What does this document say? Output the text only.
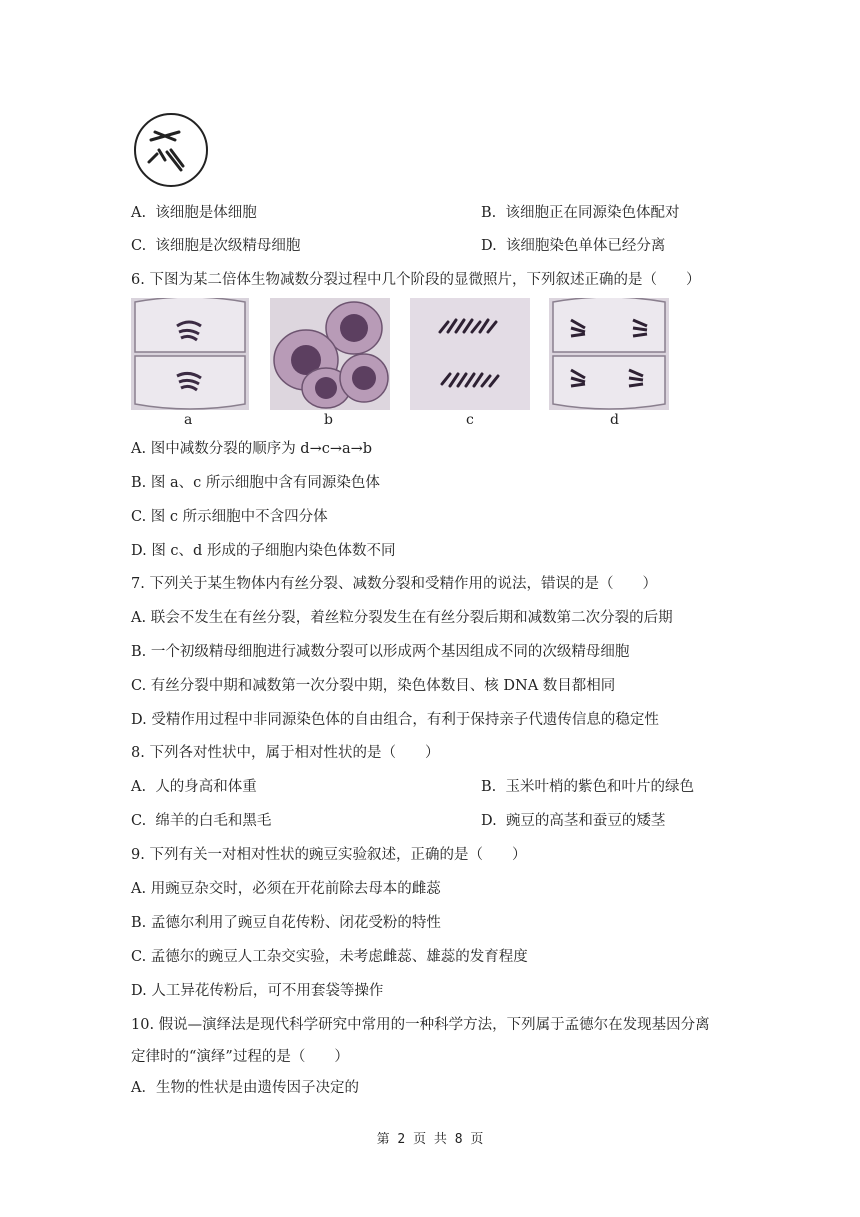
A. 该细胞是体细胞	B. 该细胞正在同源染色体配对
C. 该细胞是次级精母细胞	D. 该细胞染色单体已经分离
6. 下图为某二倍体生物减数分裂过程中几个阶段的显微照片，下列叙述正确的是（　　）
a	b	c	d
A. 图中减数分裂的顺序为 d→c→a→b
B. 图 a、c 所示细胞中含有同源染色体
C. 图 c 所示细胞中不含四分体
D. 图 c、d 形成的子细胞内染色体数不同
7. 下列关于某生物体内有丝分裂、减数分裂和受精作用的说法，错误的是（　　）
A. 联会不发生在有丝分裂，着丝粒分裂发生在有丝分裂后期和减数第二次分裂的后期
B. 一个初级精母细胞进行减数分裂可以形成两个基因组成不同的次级精母细胞
C. 有丝分裂中期和减数第一次分裂中期，染色体数目、核 DNA 数目都相同
D. 受精作用过程中非同源染色体的自由组合，有利于保持亲子代遗传信息的稳定性
8. 下列各对性状中，属于相对性状的是（　　）
A. 人的身高和体重	B. 玉米叶梢的紫色和叶片的绿色
C. 绵羊的白毛和黑毛	D. 豌豆的高茎和蚕豆的矮茎
9. 下列有关一对相对性状的豌豆实验叙述，正确的是（　　）
A. 用豌豆杂交时，必须在开花前除去母本的雌蕊
B. 孟德尔利用了豌豆自花传粉、闭花受粉的特性
C. 孟德尔的豌豆人工杂交实验，未考虑雌蕊、雄蕊的发育程度
D. 人工异花传粉后，可不用套袋等操作
10. 假说—演绎法是现代科学研究中常用的一种科学方法，下列属于孟德尔在发现基因分离
定律时的“演绎”过程的是（　　）
A．生物的性状是由遗传因子决定的
第 2 页 共 8 页
